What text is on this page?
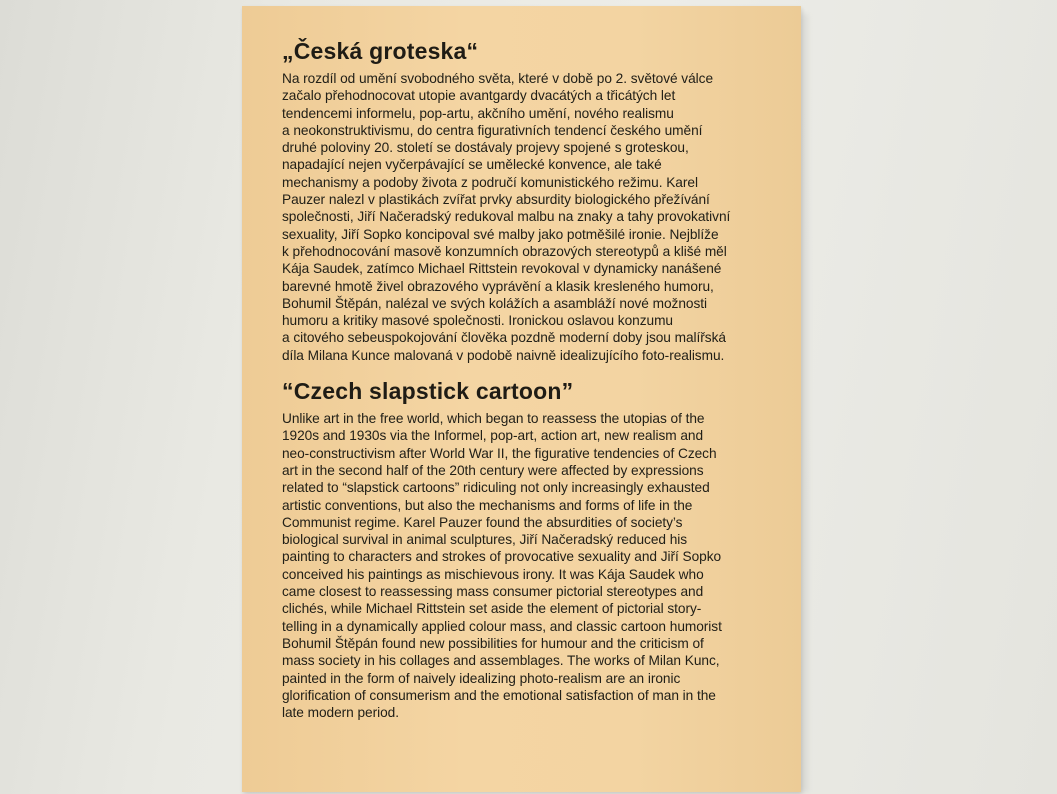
„Česká groteska“
Na rozdíl od umění svobodného světa, které v době po 2. světové válce
začalo přehodnocovat utopie avantgardy dvacátých a třicátých let
tendencemi informelu, pop-artu, akčního umění, nového realismu
a neokonstruktivismu, do centra figurativních tendencí českého umění
druhé poloviny 20. století se dostávaly projevy spojené s groteskou,
napadající nejen vyčerpávající se umělecké konvence, ale také
mechanismy a podoby života z područí komunistického režimu. Karel
Pauzer nalezl v plastikách zvířat prvky absurdity biologického přežívání
společnosti, Jiří Načeradský redukoval malbu na znaky a tahy provokativní
sexuality, Jiří Sopko koncipoval své malby jako potměšilé ironie. Nejblíže
k přehodnocování masově konzumních obrazových stereotypů a klišé měl
Kája Saudek, zatímco Michael Rittstein revokoval v dynamicky nanášené
barevné hmotě živel obrazového vyprávění a klasik kresleného humoru,
Bohumil Štěpán, nalézal ve svých kolážích a asambláží nové možnosti
humoru a kritiky masové společnosti. Ironickou oslavou konzumu
a citového sebeuspokojování člověka pozdně moderní doby jsou malířská
díla Milana Kunce malovaná v podobě naivně idealizujícího foto-realismu.
“Czech slapstick cartoon”
Unlike art in the free world, which began to reassess the utopias of the
1920s and 1930s via the Informel, pop-art, action art, new realism and
neo-constructivism after World War II, the figurative tendencies of Czech
art in the second half of the 20th century were affected by expressions
related to “slapstick cartoons” ridiculing not only increasingly exhausted
artistic conventions, but also the mechanisms and forms of life in the
Communist regime. Karel Pauzer found the absurdities of society’s
biological survival in animal sculptures, Jiří Načeradský reduced his
painting to characters and strokes of provocative sexuality and Jiří Sopko
conceived his paintings as mischievous irony. It was Kája Saudek who
came closest to reassessing mass consumer pictorial stereotypes and
clichés, while Michael Rittstein set aside the element of pictorial story-
telling in a dynamically applied colour mass, and classic cartoon humorist
Bohumil Štěpán found new possibilities for humour and the criticism of
mass society in his collages and assemblages. The works of Milan Kunc,
painted in the form of naively idealizing photo-realism are an ironic
glorification of consumerism and the emotional satisfaction of man in the
late modern period.
